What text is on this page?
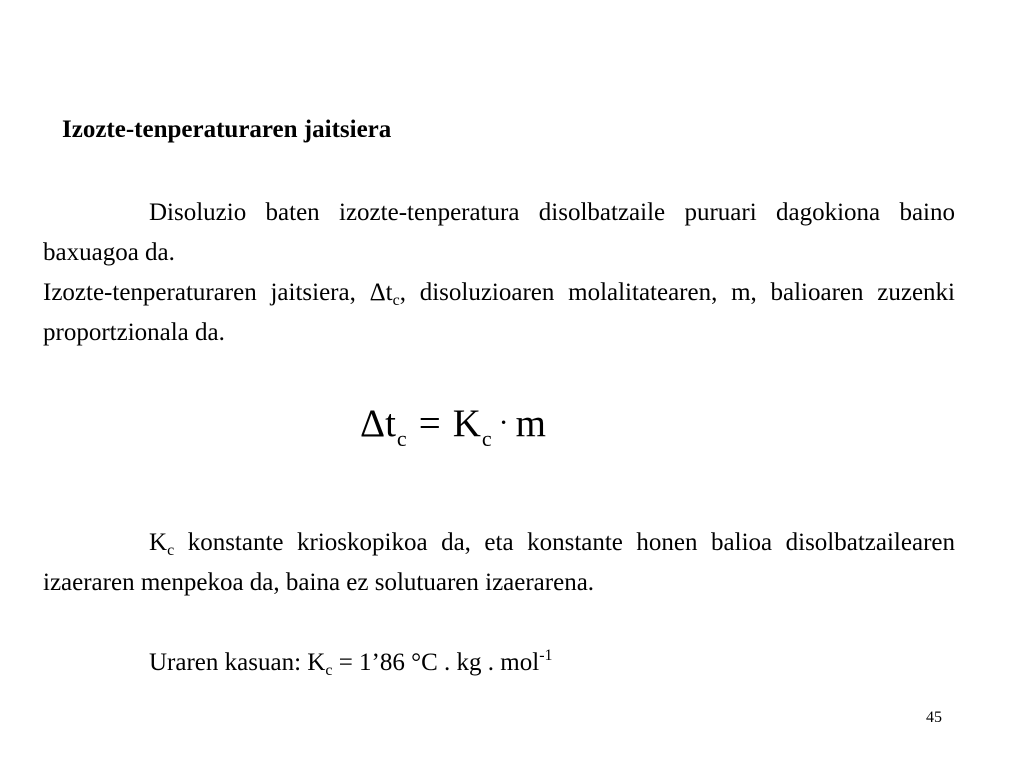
Izozte-tenperaturaren jaitsiera

Disoluzio baten izozte-tenperatura disolbatzaile puruari dagokiona baino baxuagoa da.

Izozte-tenperaturaren jaitsiera, $\Delta t_c$, disoluzioaren molalitatearen, m, balioaren zuzenki proportzionala da.

$\Delta t_c = K_c \cdot m$

$K_c$ konstante krioskopikoa da, eta konstante honen balioa disolbatzailearen izaeraren menpekoa da, baina ez solutuaren izaerarena.

Uraren kasuan: $K_c$ = 1’86 °C . kg . mol$^{-1}$

45
